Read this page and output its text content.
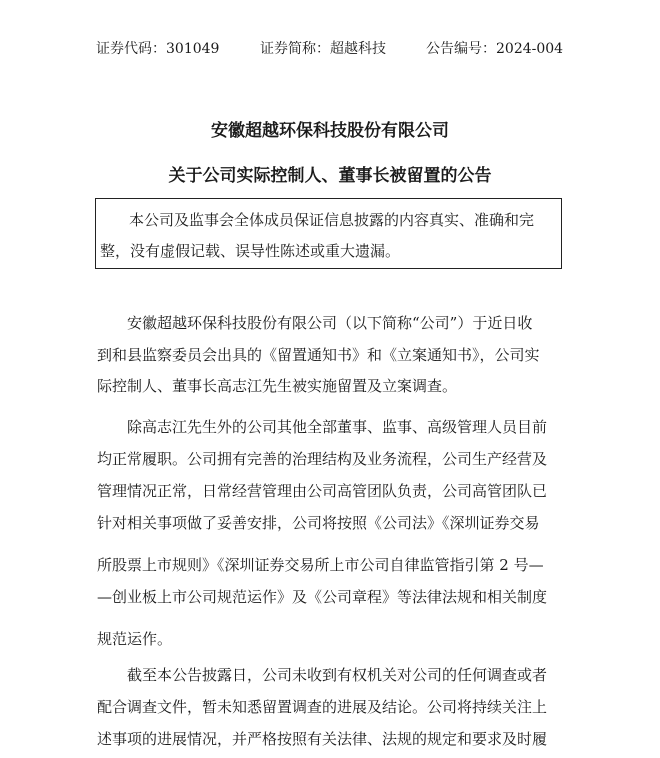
证券代码：301049	证券简称：超越科技	公告编号：2024-004
安徽超越环保科技股份有限公司
关于公司实际控制人、董事长被留置的公告
本公司及监事会全体成员保证信息披露的内容真实、准确和完
整，没有虚假记载、误导性陈述或重大遗漏。
安徽超越环保科技股份有限公司（以下简称“公司”）于近日收
到和县监察委员会出具的《留置通知书》和《立案通知书》，公司实
际控制人、董事长高志江先生被实施留置及立案调查。
除高志江先生外的公司其他全部董事、监事、高级管理人员目前
均正常履职。公司拥有完善的治理结构及业务流程，公司生产经营及
管理情况正常，日常经营管理由公司高管团队负责，公司高管团队已
针对相关事项做了妥善安排，公司将按照《公司法》《深圳证券交易
所股票上市规则》《深圳证券交易所上市公司自律监管指引第 2 号—
—创业板上市公司规范运作》及《公司章程》等法律法规和相关制度
规范运作。
截至本公告披露日，公司未收到有权机关对公司的任何调查或者
配合调查文件，暂未知悉留置调查的进展及结论。公司将持续关注上
述事项的进展情况，并严格按照有关法律、法规的规定和要求及时履
